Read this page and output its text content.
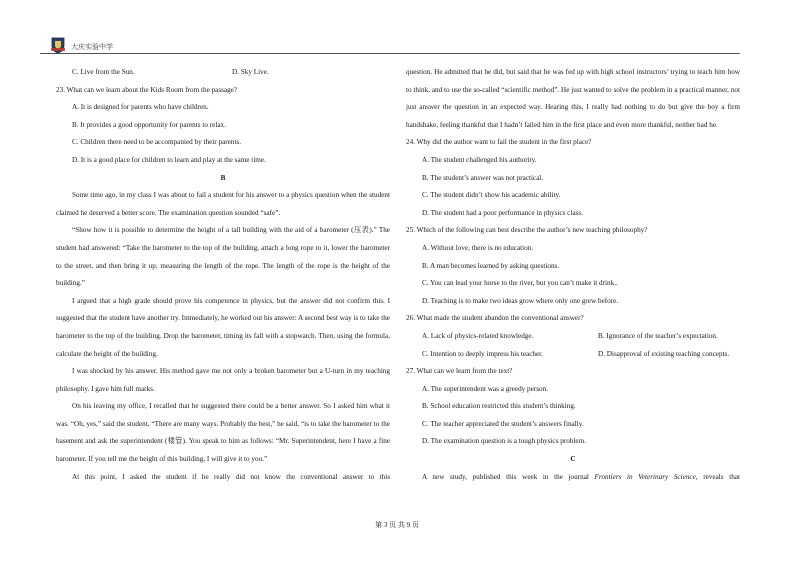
大庆实验中学
C. Live from the Sun.	D. Sky Live.
23. What can we learn about the Kids Room from the passage?
A. It is designed for parents who have children.
B. It provides a good opportunity for parents to relax.
C. Children there need to be accompanied by their parents.
D. It is a good place for children to learn and play at the same time.
B
Some time ago, in my class I was about to fail a student for his answer to a physics question when the student claimed he deserved a better score. The examination question sounded “safe”.
“Show how it is possible to determine the height of a tall building with the aid of a barometer (压表).” The student had answered: “Take the barometer to the top of the building, attach a long rope to it, lower the barometer to the street, and then bring it up, measuring the length of the rope. The length of the rope is the height of the building.”
I argued that a high grade should prove his competence in physics, but the answer did not confirm this. I suggested that the student have another try. Immediately, he worked out his answer: A second best way is to take the barometer to the top of the building. Drop the barometer, timing its fall with a stopwatch. Then, using the formula, calculate the height of the building.
I was shocked by his answer. His method gave me not only a broken barometer but a U-turn in my teaching philosophy. I gave him full marks.
On his leaving my office, I recalled that he suggested there could be a better answer. So I asked him what it was. “Oh, yes,” said the student, “There are many ways. Probably the best,” he said, “is to take the barometer to the basement and ask the superintendent (楼管). You speak to him as follows: “Mr. Superintendent, here I have a fine barometer. If you tell me the height of this building, I will give it to you.”
At this point, I asked the student if he really did not know the conventional answer to this
question. He admitted that he did, but said that he was fed up with high school instructors’ trying to teach him how to think, and to use the so-called “scientific method”. He just wanted to solve the problem in a practical manner, not just answer the question in an expected way. Hearing this, I really had nothing to do but give the boy a firm handshake, feeling thankful that I hadn’t failed him in the first place and even more thankful, neither had he.
24. Why did the author want to fail the student in the first place?
A. The student challenged his authority.
B. The student’s answer was not practical.
C. The student didn’t show his academic ability.
D. The student had a poor performance in physics class.
25. Which of the following can best describe the author’s new teaching philosophy?
A. Without love, there is no education.
B. A man becomes learned by asking questions.
C. You can lead your horse to the river, but you can’t make it drink..
D. Teaching is to make two ideas grow where only one grew before.
26. What made the student abandon the conventional answer?
A. Lack of physics-related knowledge.	B. Ignorance of the teacher’s expectation.
C. Intention to deeply impress his teacher.	D. Disapproval of existing teaching concepts.
27. What can we learn from the text?
A. The superintendent was a greedy person.
B. School education restricted this student’s thinking.
C. The teacher appreciated the student’s answers finally.
D. The examination question is a tough physics problem.
C
A new study, published this week in the journal Frontiers in Veterinary Science, reveals that
第 3 页 共 9 页
